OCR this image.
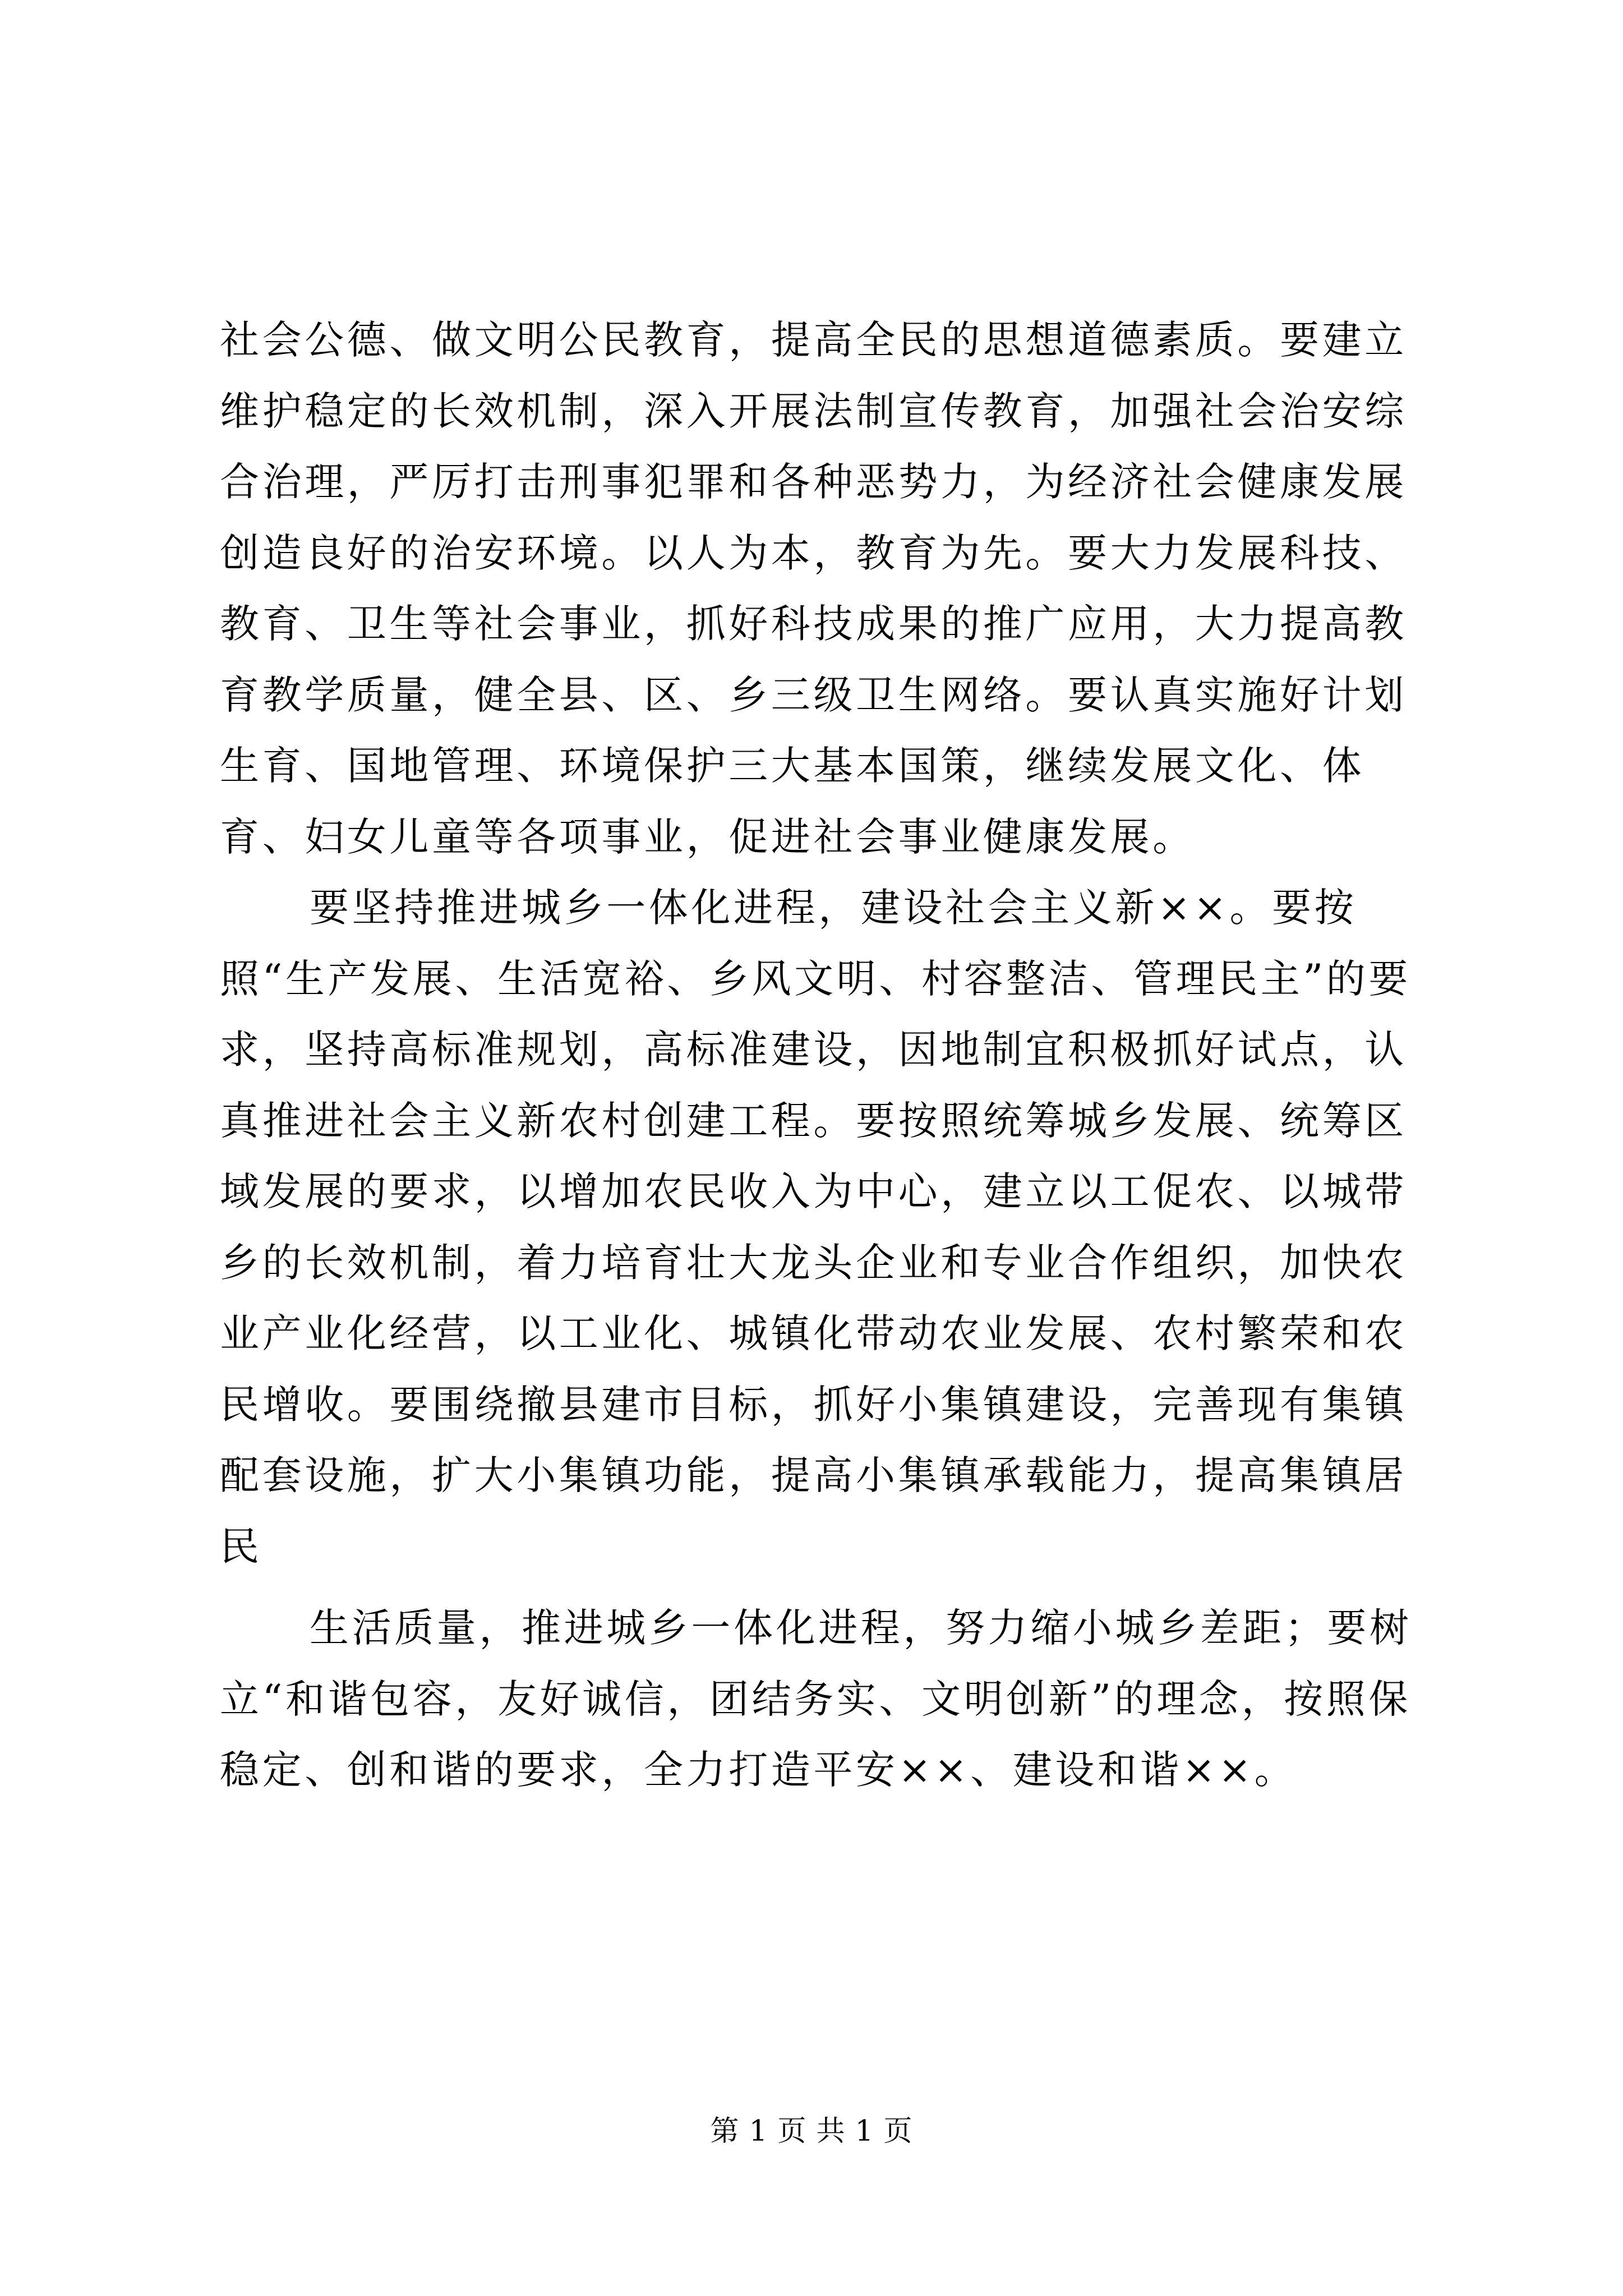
社会公德、做文明公民教育，提高全民的思想道德素质。要建立维护稳定的长效机制，深入开展法制宣传教育，加强社会治安综合治理，严厉打击刑事犯罪和各种恶势力，为经济社会健康发展创造良好的治安环境。以人为本，教育为先。要大力发展科技、教育、卫生等社会事业，抓好科技成果的推广应用，大力提高教育教学质量，健全县、区、乡三级卫生网络。要认真实施好计划生育、国地管理、环境保护三大基本国策，继续发展文化、体育、妇女儿童等各项事业，促进社会事业健康发展。

要坚持推进城乡一体化进程，建设社会主义新××。要按照“生产发展、生活宽裕、乡风文明、村容整洁、管理民主”的要求，坚持高标准规划，高标准建设，因地制宜积极抓好试点，认真推进社会主义新农村创建工程。要按照统筹城乡发展、统筹区域发展的要求，以增加农民收入为中心，建立以工促农、以城带乡的长效机制，着力培育壮大龙头企业和专业合作组织，加快农业产业化经营，以工业化、城镇化带动农业发展、农村繁荣和农民增收。要围绕撤县建市目标，抓好小集镇建设，完善现有集镇配套设施，扩大小集镇功能，提高小集镇承载能力，提高集镇居民

生活质量，推进城乡一体化进程，努力缩小城乡差距；要树立“和谐包容，友好诚信，团结务实、文明创新”的理念，按照保稳定、创和谐的要求，全力打造平安××、建设和谐××。

第 1 页 共 1 页
